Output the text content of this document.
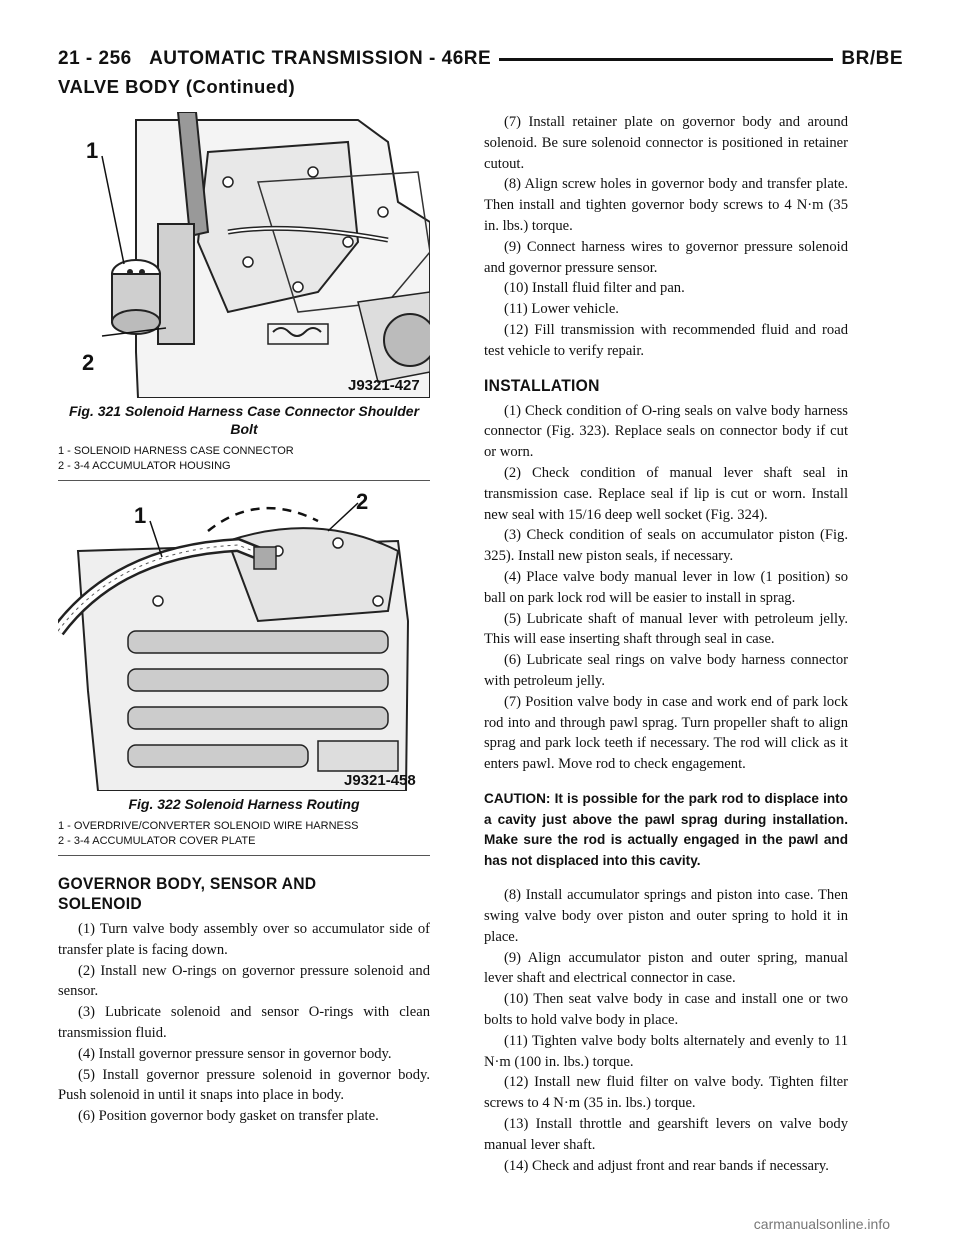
21 - 256 AUTOMATIC TRANSMISSION - 46RE	BR/BE
VALVE BODY (Continued)
1
2
J9321-427
Fig. 321 Solenoid Harness Case Connector Shoulder Bolt
1 - SOLENOID HARNESS CASE CONNECTOR
2 - 3-4 ACCUMULATOR HOUSING
1
2
J9321-458
Fig. 322 Solenoid Harness Routing
1 - OVERDRIVE/CONVERTER SOLENOID WIRE HARNESS
2 - 3-4 ACCUMULATOR COVER PLATE
GOVERNOR BODY, SENSOR AND SOLENOID

(1) Turn valve body assembly over so accumulator side of transfer plate is facing down.

(2) Install new O-rings on governor pressure solenoid and sensor.

(3) Lubricate solenoid and sensor O-rings with clean transmission fluid.

(4) Install governor pressure sensor in governor body.

(5) Install governor pressure solenoid in governor body. Push solenoid in until it snaps into place in body.

(6) Position governor body gasket on transfer plate.

(7) Install retainer plate on governor body and around solenoid. Be sure solenoid connector is positioned in retainer cutout.

(8) Align screw holes in governor body and transfer plate. Then install and tighten governor body screws to 4 N·m (35 in. lbs.) torque.

(9) Connect harness wires to governor pressure solenoid and governor pressure sensor.

(10) Install fluid filter and pan.

(11) Lower vehicle.

(12) Fill transmission with recommended fluid and road test vehicle to verify repair.

INSTALLATION

(1) Check condition of O-ring seals on valve body harness connector (Fig. 323). Replace seals on connector body if cut or worn.

(2) Check condition of manual lever shaft seal in transmission case. Replace seal if lip is cut or worn. Install new seal with 15/16 deep well socket (Fig. 324).

(3) Check condition of seals on accumulator piston (Fig. 325). Install new piston seals, if necessary.

(4) Place valve body manual lever in low (1 position) so ball on park lock rod will be easier to install in sprag.

(5) Lubricate shaft of manual lever with petroleum jelly. This will ease inserting shaft through seal in case.

(6) Lubricate seal rings on valve body harness connector with petroleum jelly.

(7) Position valve body in case and work end of park lock rod into and through pawl sprag. Turn propeller shaft to align sprag and park lock teeth if necessary. The rod will click as it enters pawl. Move rod to check engagement.

CAUTION: It is possible for the park rod to displace into a cavity just above the pawl sprag during installation. Make sure the rod is actually engaged in the pawl and has not displaced into this cavity.

(8) Install accumulator springs and piston into case. Then swing valve body over piston and outer spring to hold it in place.

(9) Align accumulator piston and outer spring, manual lever shaft and electrical connector in case.

(10) Then seat valve body in case and install one or two bolts to hold valve body in place.

(11) Tighten valve body bolts alternately and evenly to 11 N·m (100 in. lbs.) torque.

(12) Install new fluid filter on valve body. Tighten filter screws to 4 N·m (35 in. lbs.) torque.

(13) Install throttle and gearshift levers on valve body manual lever shaft.

(14) Check and adjust front and rear bands if necessary.

carmanualsonline.info
